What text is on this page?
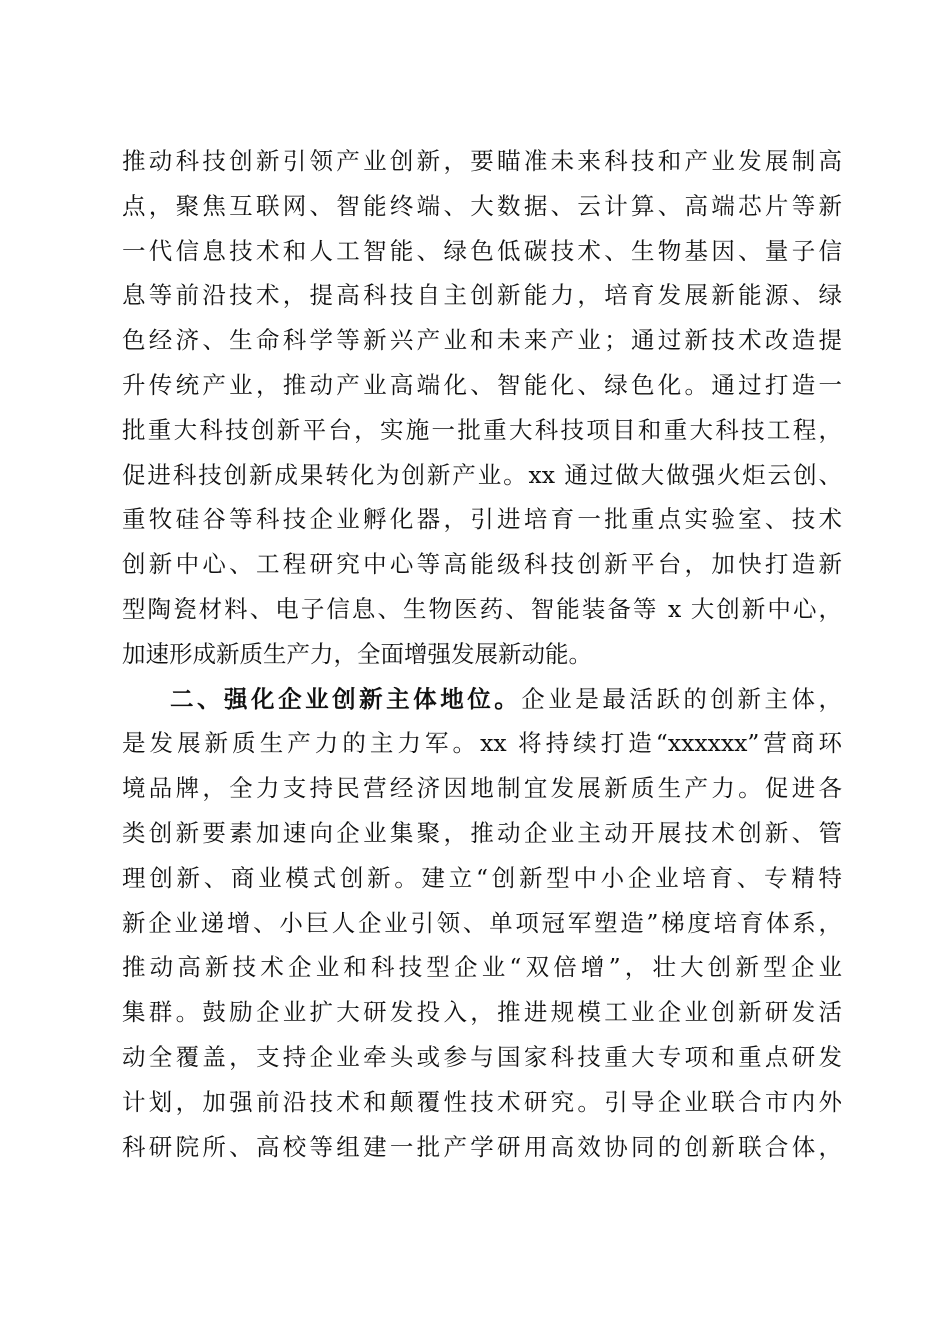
推动科技创新引领产业创新，要瞄准未来科技和产业发展制高
点，聚焦互联网、智能终端、大数据、云计算、高端芯片等新
一代信息技术和人工智能、绿色低碳技术、生物基因、量子信
息等前沿技术，提高科技自主创新能力，培育发展新能源、绿
色经济、生命科学等新兴产业和未来产业；通过新技术改造提
升传统产业，推动产业高端化、智能化、绿色化。通过打造一
批重大科技创新平台，实施一批重大科技项目和重大科技工程，
促进科技创新成果转化为创新产业。xx 通过做大做强火炬云创、
重牧硅谷等科技企业孵化器，引进培育一批重点实验室、技术
创新中心、工程研究中心等高能级科技创新平台，加快打造新
型陶瓷材料、电子信息、生物医药、智能装备等 x 大创新中心，
加速形成新质生产力，全面增强发展新动能。
二、强化企业创新主体地位。企业是最活跃的创新主体，
是发展新质生产力的主力军。xx 将持续打造“xxxxxx”营商环
境品牌，全力支持民营经济因地制宜发展新质生产力。促进各
类创新要素加速向企业集聚，推动企业主动开展技术创新、管
理创新、商业模式创新。建立“创新型中小企业培育、专精特
新企业递增、小巨人企业引领、单项冠军塑造”梯度培育体系，
推动高新技术企业和科技型企业“双倍增”，壮大创新型企业
集群。鼓励企业扩大研发投入，推进规模工业企业创新研发活
动全覆盖，支持企业牵头或参与国家科技重大专项和重点研发
计划，加强前沿技术和颠覆性技术研究。引导企业联合市内外
科研院所、高校等组建一批产学研用高效协同的创新联合体，
